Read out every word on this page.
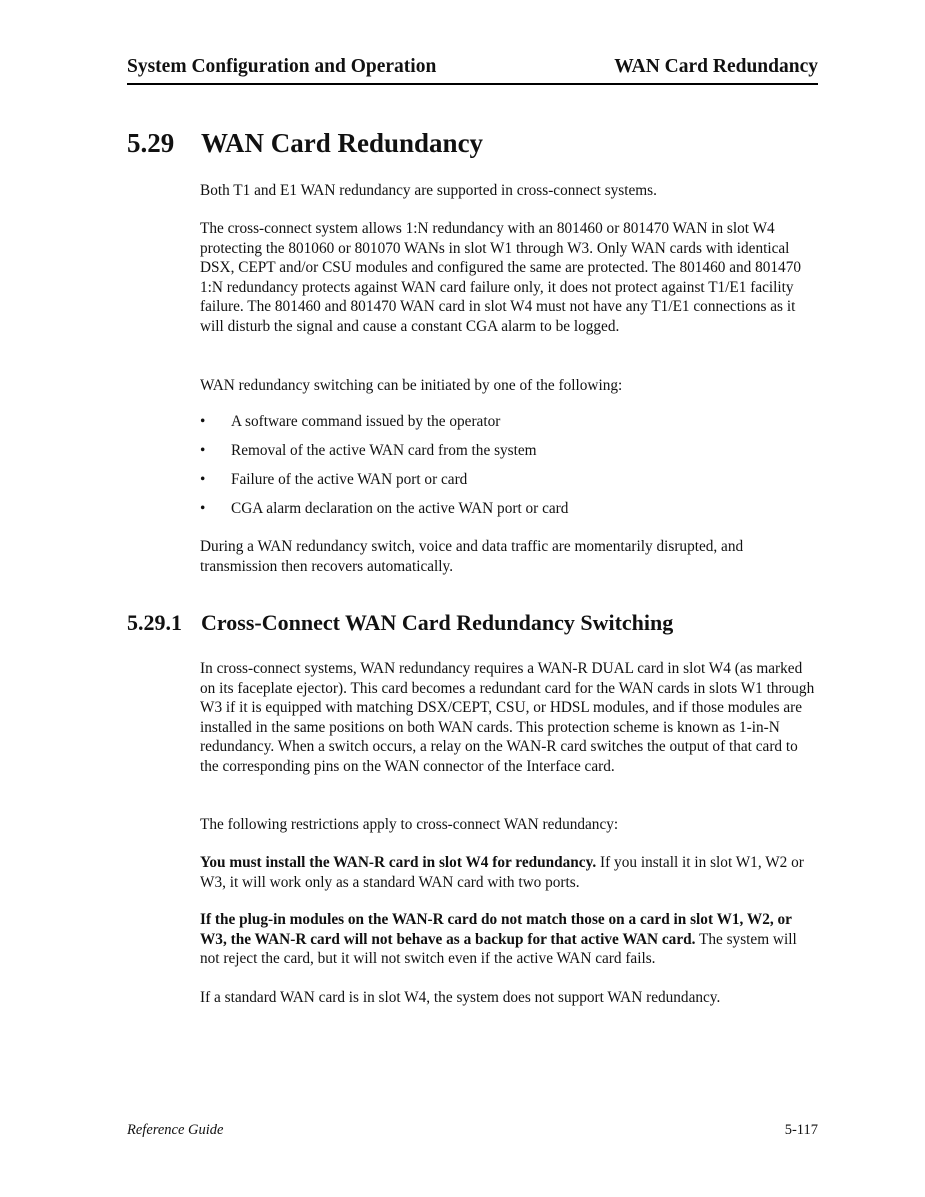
System Configuration and Operation	WAN Card Redundancy
5.29 WAN Card Redundancy

Both T1 and E1 WAN redundancy are supported in cross-connect systems.

The cross-connect system allows 1:N redundancy with an 801460 or 801470 WAN in slot W4 protecting the 801060 or 801070 WANs in slot W1 through W3. Only WAN cards with identical DSX, CEPT and/or CSU modules and configured the same are protected. The 801460 and 801470 1:N redundancy protects against WAN card failure only, it does not protect against T1/E1 facility failure. The 801460 and 801470 WAN card in slot W4 must not have any T1/E1 connections as it will disturb the signal and cause a constant CGA alarm to be logged.

WAN redundancy switching can be initiated by one of the following:

• A software command issued by the operator
• Removal of the active WAN card from the system
• Failure of the active WAN port or card
• CGA alarm declaration on the active WAN port or card

During a WAN redundancy switch, voice and data traffic are momentarily disrupted, and transmission then recovers automatically.

5.29.1 Cross-Connect WAN Card Redundancy Switching

In cross-connect systems, WAN redundancy requires a WAN-R DUAL card in slot W4 (as marked on its faceplate ejector). This card becomes a redundant card for the WAN cards in slots W1 through W3 if it is equipped with matching DSX/CEPT, CSU, or HDSL modules, and if those modules are installed in the same positions on both WAN cards. This protection scheme is known as 1-in-N redundancy. When a switch occurs, a relay on the WAN-R card switches the output of that card to the corresponding pins on the WAN connector of the Interface card.

The following restrictions apply to cross-connect WAN redundancy:

You must install the WAN-R card in slot W4 for redundancy. If you install it in slot W1, W2 or W3, it will work only as a standard WAN card with two ports.

If the plug-in modules on the WAN-R card do not match those on a card in slot W1, W2, or W3, the WAN-R card will not behave as a backup for that active WAN card. The system will not reject the card, but it will not switch even if the active WAN card fails.

If a standard WAN card is in slot W4, the system does not support WAN redundancy.

Reference Guide	5-117
